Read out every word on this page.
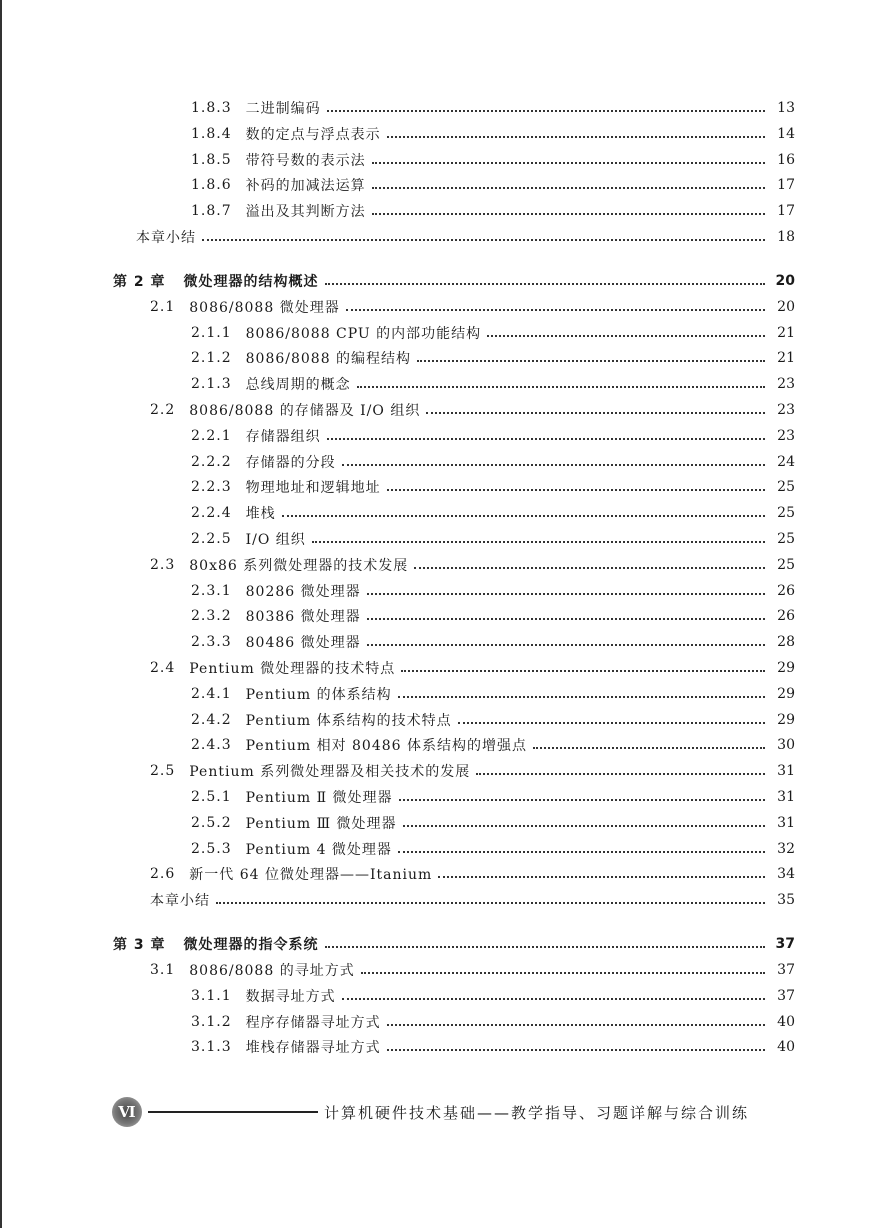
1.8.3	二进制编码	13
1.8.4	数的定点与浮点表示	14
1.8.5	带符号数的表示法	16
1.8.6	补码的加减法运算	17
1.8.7	溢出及其判断方法	17
本章小结	18
第 2 章	微处理器的结构概述	20
2.1	8086/8088 微处理器	20
2.1.1	8086/8088 CPU 的内部功能结构	21
2.1.2	8086/8088 的编程结构	21
2.1.3	总线周期的概念	23
2.2	8086/8088 的存储器及 I/O 组织	23
2.2.1	存储器组织	23
2.2.2	存储器的分段	24
2.2.3	物理地址和逻辑地址	25
2.2.4	堆栈	25
2.2.5	I/O 组织	25
2.3	80x86 系列微处理器的技术发展	25
2.3.1	80286 微处理器	26
2.3.2	80386 微处理器	26
2.3.3	80486 微处理器	28
2.4	Pentium 微处理器的技术特点	29
2.4.1	Pentium 的体系结构	29
2.4.2	Pentium 体系结构的技术特点	29
2.4.3	Pentium 相对 80486 体系结构的增强点	30
2.5	Pentium 系列微处理器及相关技术的发展	31
2.5.1	Pentium Ⅱ 微处理器	31
2.5.2	Pentium Ⅲ 微处理器	31
2.5.3	Pentium 4 微处理器	32
2.6	新一代 64 位微处理器——Itanium	34
本章小结	35
第 3 章	微处理器的指令系统	37
3.1	8086/8088 的寻址方式	37
3.1.1	数据寻址方式	37
3.1.2	程序存储器寻址方式	40
3.1.3	堆栈存储器寻址方式	40
Ⅵ	计算机硬件技术基础——教学指导、习题详解与综合训练
